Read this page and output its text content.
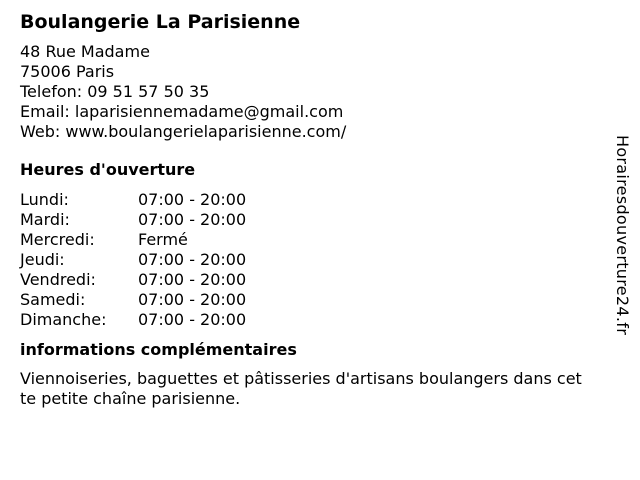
Boulangerie La Parisienne
48 Rue Madame
75006 Paris
Telefon: 09 51 57 50 35
Email: laparisiennemadame@gmail.com
Web: www.boulangerielaparisienne.com/
Heures d'ouverture
Lundi:	07:00 - 20:00
Mardi:	07:00 - 20:00
Mercredi:	Fermé
Jeudi:	07:00 - 20:00
Vendredi:	07:00 - 20:00
Samedi:	07:00 - 20:00
Dimanche:	07:00 - 20:00
informations complémentaires
Viennoiseries, baguettes et pâtisseries d'artisans boulangers dans cette petite chaîne parisienne.
Horairesdouverture24.fr
